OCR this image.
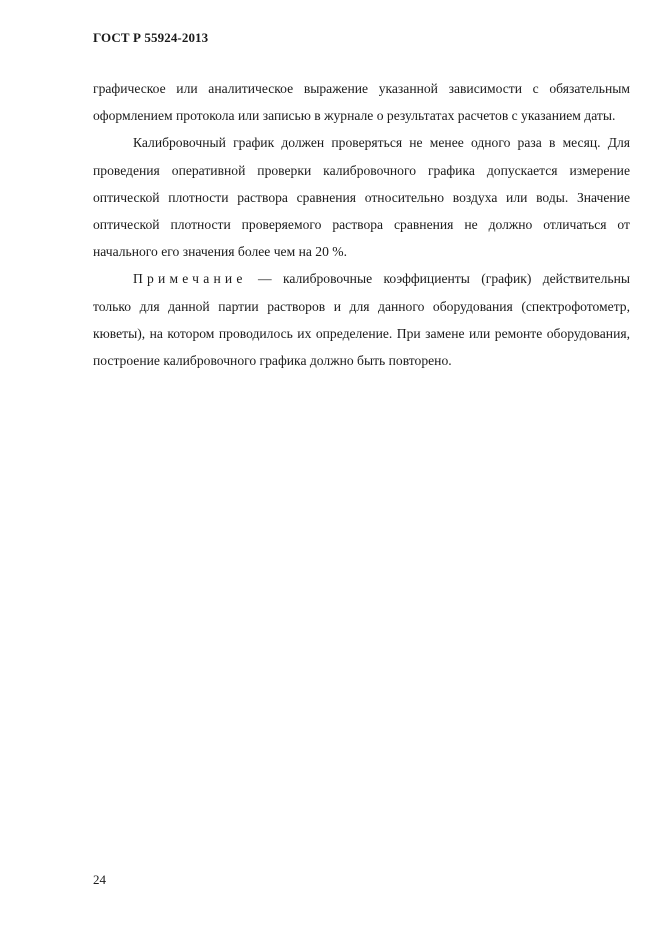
ГОСТ Р 55924-2013

графическое или аналитическое выражение указанной зависимости с обязательным оформлением протокола или записью в журнале о результатах расчетов с указанием даты.

Калибровочный график должен проверяться не менее одного раза в месяц. Для проведения оперативной проверки калибровочного графика допускается измерение оптической плотности раствора сравнения относительно воздуха или воды. Значение оптической плотности проверяемого раствора сравнения не должно отличаться от начального его значения более чем на 20 %.

Примечание — калибровочные коэффициенты (график) действительны только для данной партии растворов и для данного оборудования (спектрофотометр, кюветы), на котором проводилось их определение. При замене или ремонте оборудования, построение калибровочного графика должно быть повторено.

24
